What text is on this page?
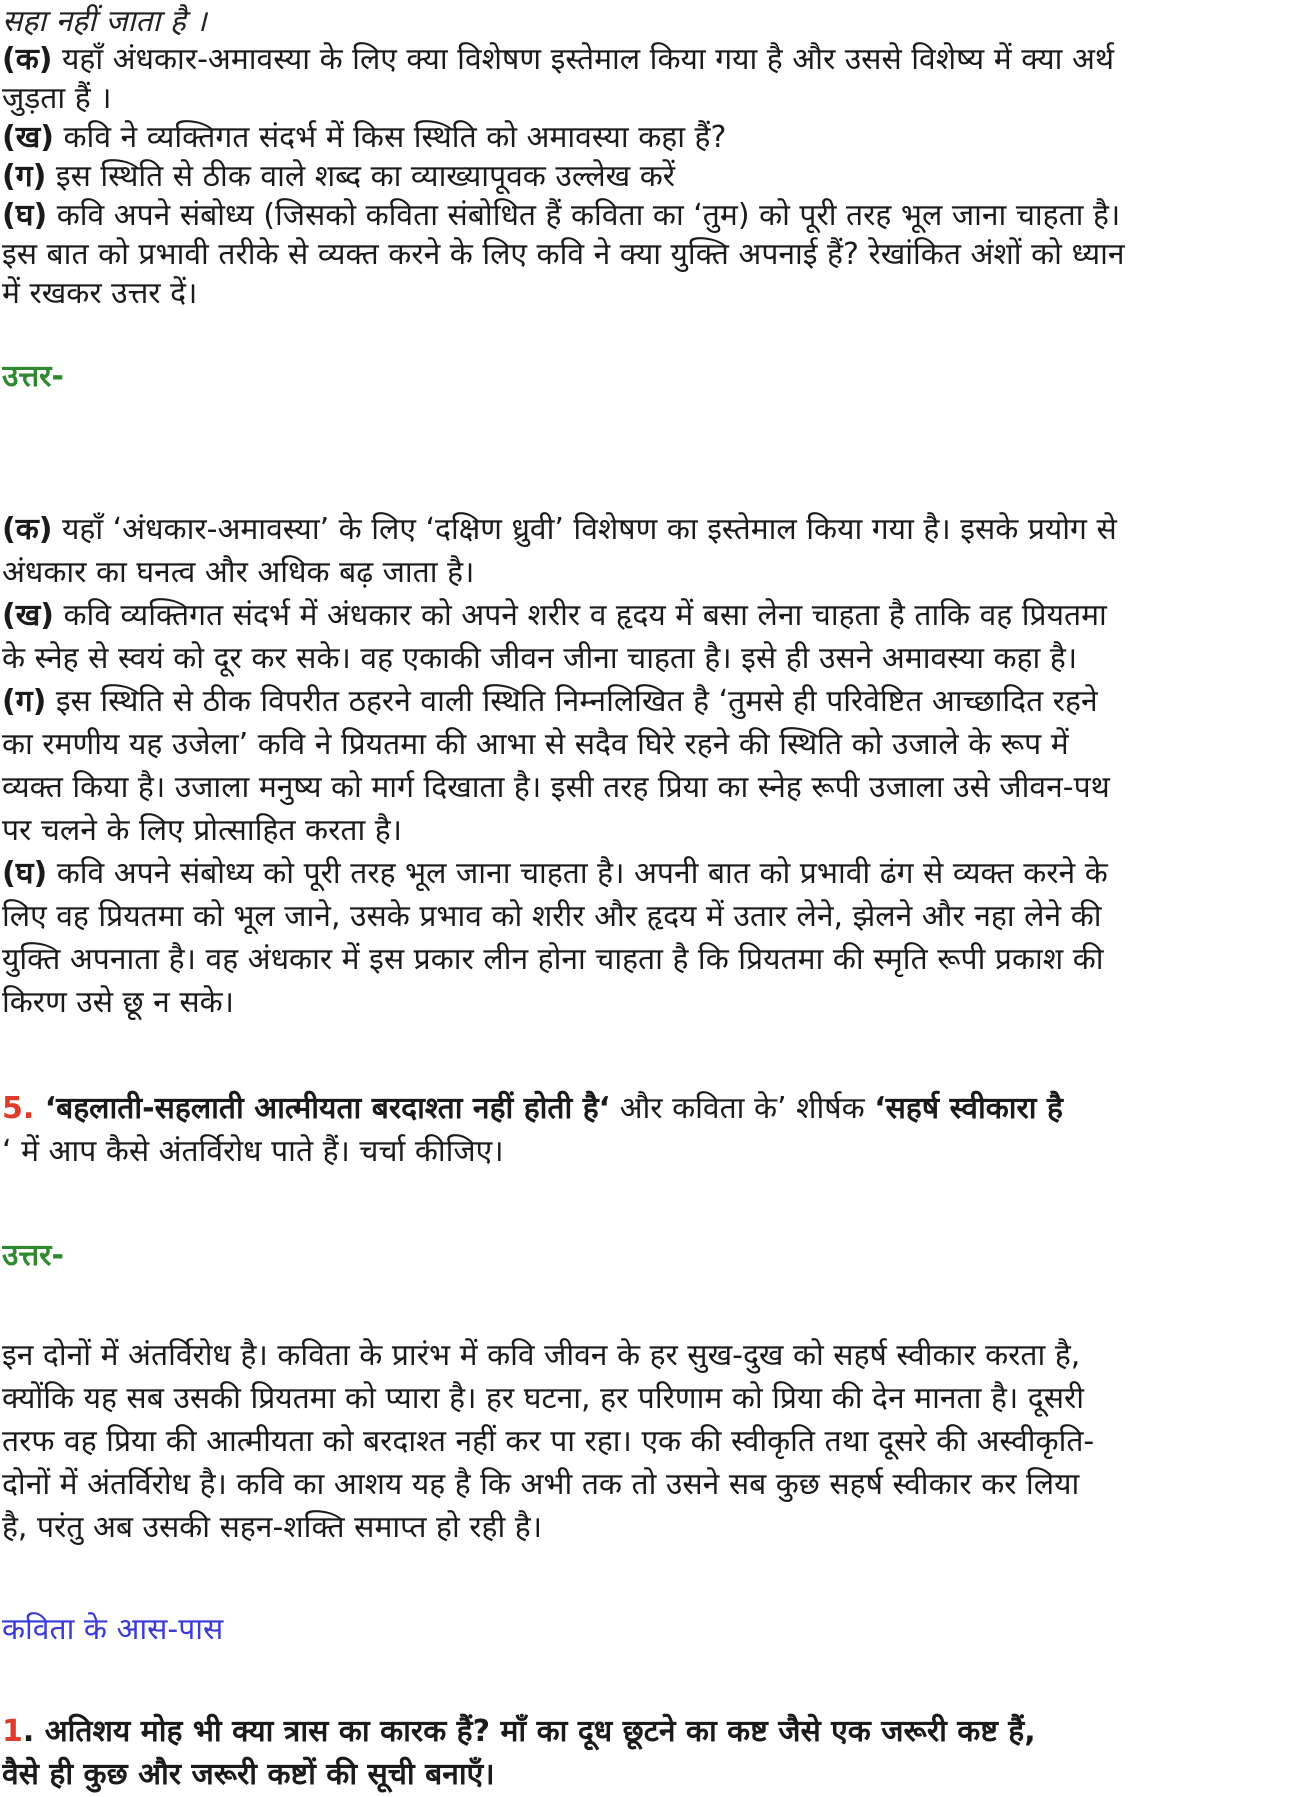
सहा नहीं जाता है ।
(क) यहाँ अंधकार-अमावस्या के लिए क्या विशेषण इस्तेमाल किया गया है और उससे विशेष्य में क्या अर्थ
जुड़ता हैं ।
(ख) कवि ने व्यक्तिगत संदर्भ में किस स्थिति को अमावस्या कहा हैं?
(ग) इस स्थिति से ठीक वाले शब्द का व्याख्यापूवक उल्लेख करें
(घ) कवि अपने संबोध्य (जिसको कविता संबोधित हैं कविता का ‘तुम) को पूरी तरह भूल जाना चाहता है।
इस बात को प्रभावी तरीके से व्यक्त करने के लिए कवि ने क्या युक्ति अपनाई हैं? रेखांकित अंशों को ध्यान
में रखकर उत्तर दें।
उत्तर-
(क) यहाँ ‘अंधकार-अमावस्या’ के लिए ‘दक्षिण ध्रुवी’ विशेषण का इस्तेमाल किया गया है। इसके प्रयोग से
अंधकार का घनत्व और अधिक बढ़ जाता है।
(ख) कवि व्यक्तिगत संदर्भ में अंधकार को अपने शरीर व हृदय में बसा लेना चाहता है ताकि वह प्रियतमा
के स्नेह से स्वयं को दूर कर सके। वह एकाकी जीवन जीना चाहता है। इसे ही उसने अमावस्या कहा है।
(ग) इस स्थिति से ठीक विपरीत ठहरने वाली स्थिति निम्नलिखित है ‘तुमसे ही परिवेष्टित आच्छादित रहने
का रमणीय यह उजेला’ कवि ने प्रियतमा की आभा से सदैव घिरे रहने की स्थिति को उजाले के रूप में
व्यक्त किया है। उजाला मनुष्य को मार्ग दिखाता है। इसी तरह प्रिया का स्नेह रूपी उजाला उसे जीवन-पथ
पर चलने के लिए प्रोत्साहित करता है।
(घ) कवि अपने संबोध्य को पूरी तरह भूल जाना चाहता है। अपनी बात को प्रभावी ढंग से व्यक्त करने के
लिए वह प्रियतमा को भूल जाने, उसके प्रभाव को शरीर और हृदय में उतार लेने, झेलने और नहा लेने की
युक्ति अपनाता है। वह अंधकार में इस प्रकार लीन होना चाहता है कि प्रियतमा की स्मृति रूपी प्रकाश की
किरण उसे छू न सके।
5. ‘बहलाती-सहलाती आत्मीयता बरदाश्ता नहीं होती है‘ और कविता के’ शीर्षक ‘सहर्ष स्वीकारा है
‘ में आप कैसे अंतर्विरोध पाते हैं। चर्चा कीजिए।
उत्तर-
इन दोनों में अंतर्विरोध है। कविता के प्रारंभ में कवि जीवन के हर सुख-दुख को सहर्ष स्वीकार करता है,
क्योंकि यह सब उसकी प्रियतमा को प्यारा है। हर घटना, हर परिणाम को प्रिया की देन मानता है। दूसरी
तरफ वह प्रिया की आत्मीयता को बरदाश्त नहीं कर पा रहा। एक की स्वीकृति तथा दूसरे की अस्वीकृति-
दोनों में अंतर्विरोध है। कवि का आशय यह है कि अभी तक तो उसने सब कुछ सहर्ष स्वीकार कर लिया
है, परंतु अब उसकी सहन-शक्ति समाप्त हो रही है।
कविता के आस-पास
1. अतिशय मोह भी क्या त्रास का कारक हैं? माँ का दूध छूटने का कष्ट जैसे एक जरूरी कष्ट हैं,
वैसे ही कुछ और जरूरी कष्टों की सूची बनाएँ।
